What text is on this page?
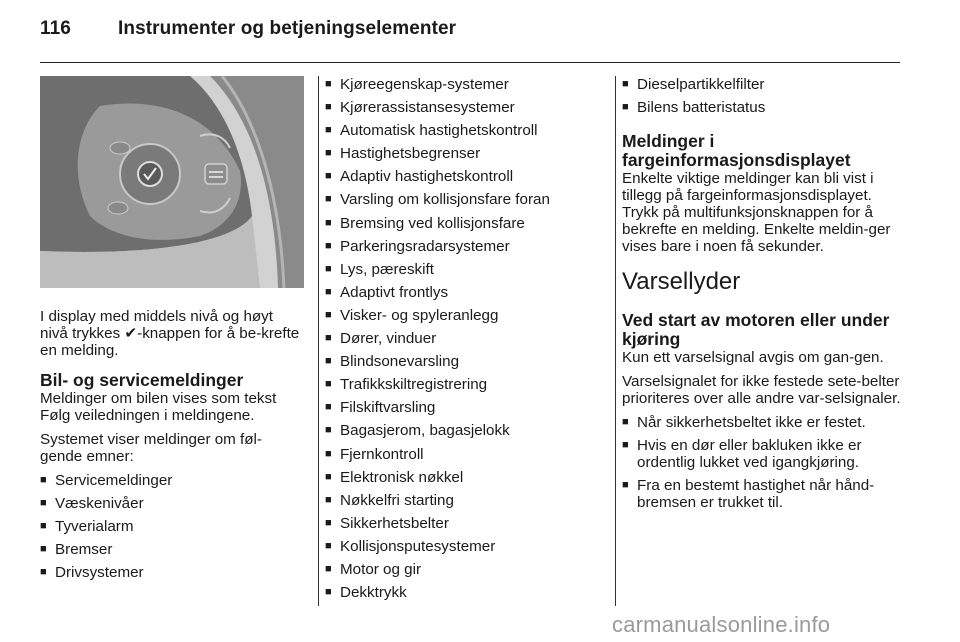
116 Instrumenter og betjeningselementer

I display med middels nivå og høyt nivå trykkes ✔-knappen for å be-krefte en melding.

Bil- og servicemeldinger

Meldinger om bilen vises som tekst Følg veiledningen i meldingene.

Systemet viser meldinger om føl-gende emner:

■ Servicemeldinger
■ Væskenivåer
■ Tyverialarm
■ Bremser
■ Drivsystemer
■ Kjøreegenskap-systemer
■ Kjørerassistansesystemer
■ Automatisk hastighetskontroll
■ Hastighetsbegrenser
■ Adaptiv hastighetskontroll
■ Varsling om kollisjonsfare foran
■ Bremsing ved kollisjonsfare
■ Parkeringsradarsystemer
■ Lys, pæreskift
■ Adaptivt frontlys
■ Visker- og spyleranlegg
■ Dører, vinduer
■ Blindsonevarsling
■ Trafikkskiltregistrering
■ Filskiftvarsling
■ Bagasjerom, bagasjelokk
■ Fjernkontroll
■ Elektronisk nøkkel
■ Nøkkelfri starting
■ Sikkerhetsbelter
■ Kollisjonsputesystemer
■ Motor og gir
■ Dekktrykk
■ Dieselpartikkelfilter
■ Bilens batteristatus
Meldinger i fargeinformasjonsdisplayet

Enkelte viktige meldinger kan bli vist i tillegg på fargeinformasjonsdisplayet. Trykk på multifunksjonsknappen for å bekrefte en melding. Enkelte meldin-ger vises bare i noen få sekunder.

Varsellyder
Ved start av motoren eller under kjøring

Kun ett varselsignal avgis om gan-gen.

Varselsignalet for ikke festede sete-belter prioriteres over alle andre var-selsignaler.

■ Når sikkerhetsbeltet ikke er festet.
■ Hvis en dør eller bakluken ikke er ordentlig lukket ved igangkjøring.
■ Fra en bestemt hastighet når hånd-bremsen er trukket til.
carmanualsonline.info
